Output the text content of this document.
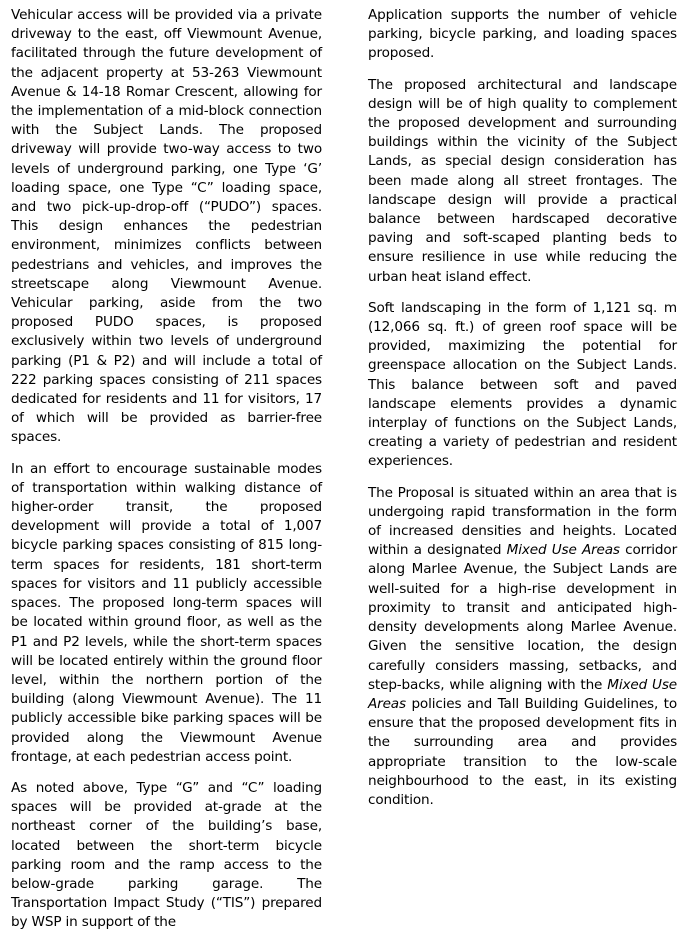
Vehicular access will be provided via a private driveway to the east, off Viewmount Avenue, facilitated through the future development of the adjacent property at 53-263 Viewmount Avenue & 14-18 Romar Crescent, allowing for the implementation of a mid-block connection with the Subject Lands. The proposed driveway will provide two-way access to two levels of underground parking, one Type ‘G’ loading space, one Type “C” loading space, and two pick-up-drop-off (“PUDO”) spaces. This design enhances the pedestrian environment, minimizes conflicts between pedestrians and vehicles, and improves the streetscape along Viewmount Avenue. Vehicular parking, aside from the two proposed PUDO spaces, is proposed exclusively within two levels of underground parking (P1 & P2) and will include a total of 222 parking spaces consisting of 211 spaces dedicated for residents and 11 for visitors, 17 of which will be provided as barrier-free spaces.

In an effort to encourage sustainable modes of transportation within walking distance of higher-order transit, the proposed development will provide a total of 1,007 bicycle parking spaces consisting of 815 long-term spaces for residents, 181 short-term spaces for visitors and 11 publicly accessible spaces. The proposed long-term spaces will be located within ground floor, as well as the P1 and P2 levels, while the short-term spaces will be located entirely within the ground floor level, within the northern portion of the building (along Viewmount Avenue). The 11 publicly accessible bike parking spaces will be provided along the Viewmount Avenue frontage, at each pedestrian access point.

As noted above, Type “G” and “C” loading spaces will be provided at-grade at the northeast corner of the building’s base, located between the short-term bicycle parking room and the ramp access to the below-grade parking garage. The Transportation Impact Study (“TIS”) prepared by WSP in support of the

Application supports the number of vehicle parking, bicycle parking, and loading spaces proposed.

The proposed architectural and landscape design will be of high quality to complement the proposed development and surrounding buildings within the vicinity of the Subject Lands, as special design consideration has been made along all street frontages. The landscape design will provide a practical balance between hardscaped decorative paving and soft-scaped planting beds to ensure resilience in use while reducing the urban heat island effect.

Soft landscaping in the form of 1,121 sq. m (12,066 sq. ft.) of green roof space will be provided, maximizing the potential for greenspace allocation on the Subject Lands. This balance between soft and paved landscape elements provides a dynamic interplay of functions on the Subject Lands, creating a variety of pedestrian and resident experiences.

The Proposal is situated within an area that is undergoing rapid transformation in the form of increased densities and heights. Located within a designated Mixed Use Areas corridor along Marlee Avenue, the Subject Lands are well-suited for a high-rise development in proximity to transit and anticipated high-density developments along Marlee Avenue. Given the sensitive location, the design carefully considers massing, setbacks, and step-backs, while aligning with the Mixed Use Areas policies and Tall Building Guidelines, to ensure that the proposed development fits in the surrounding area and provides appropriate transition to the low-scale neighbourhood to the east, in its existing condition.
